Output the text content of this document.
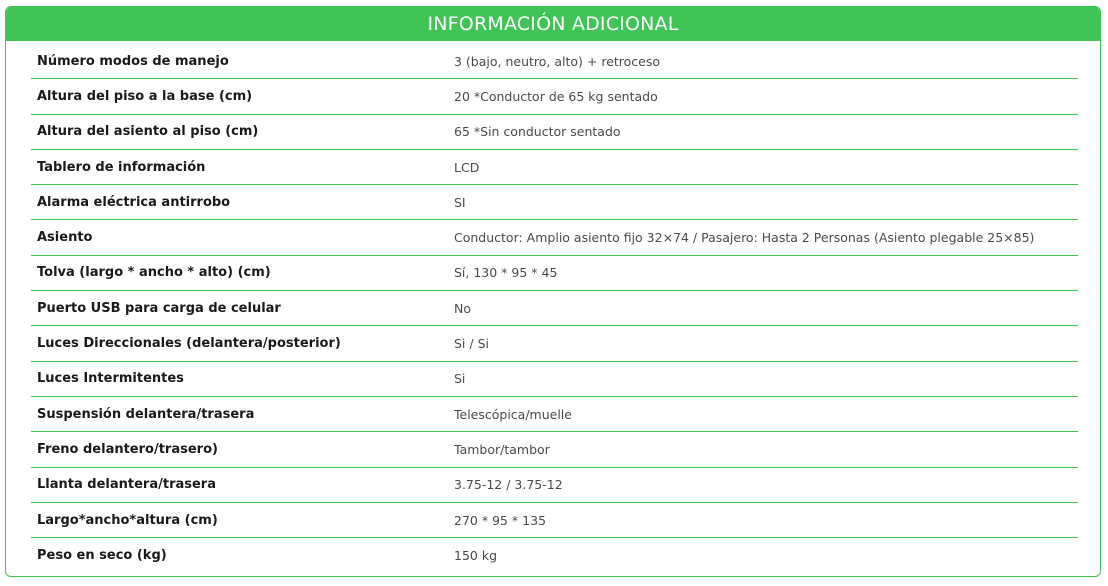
INFORMACIÓN ADICIONAL
Número modos de manejo	3 (bajo, neutro, alto) + retroceso
Altura del piso a la base (cm)	20 *Conductor de 65 kg sentado
Altura del asiento al piso (cm)	65 *Sin conductor sentado
Tablero de información	LCD
Alarma eléctrica antirrobo	SI
Asiento	Conductor: Amplio asiento fijo 32×74 / Pasajero: Hasta 2 Personas (Asiento plegable 25×85)
Tolva (largo * ancho * alto) (cm)	Sí, 130 * 95 * 45
Puerto USB para carga de celular	No
Luces Direccionales (delantera/posterior)	Si / Si
Luces Intermitentes	Si
Suspensión delantera/trasera	Telescópica/muelle
Freno delantero/trasero)	Tambor/tambor
Llanta delantera/trasera	3.75-12 / 3.75-12
Largo*ancho*altura (cm)	270 * 95 * 135
Peso en seco (kg)	150 kg
